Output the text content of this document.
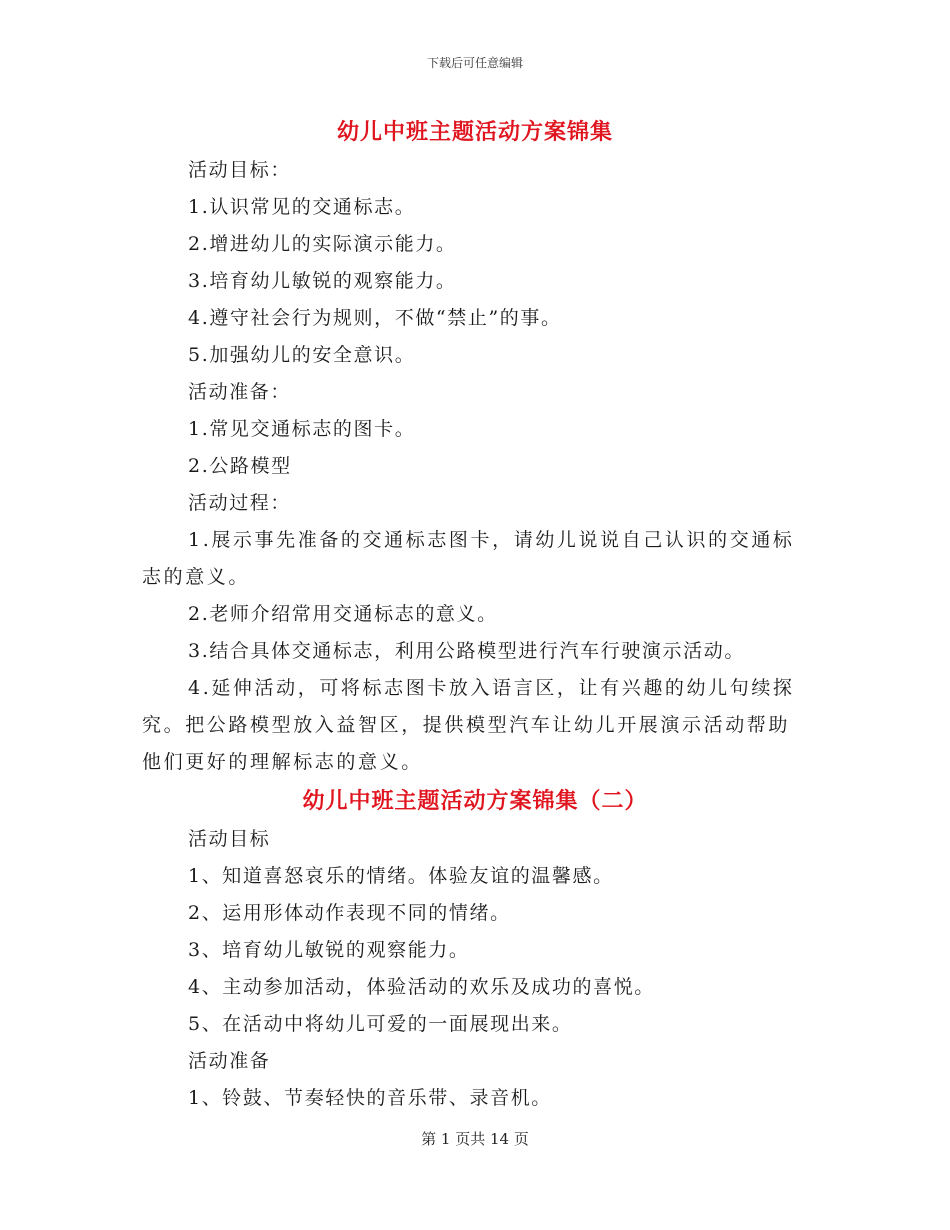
下载后可任意编辑
幼儿中班主题活动方案锦集

活动目标：

1.认识常见的交通标志。

2.增进幼儿的实际演示能力。

3.培育幼儿敏锐的观察能力。

4.遵守社会行为规则，不做“禁止”的事。

5.加强幼儿的安全意识。

活动准备：

1.常见交通标志的图卡。

2.公路模型

活动过程：

1.展示事先准备的交通标志图卡，请幼儿说说自己认识的交通标志的意义。

2.老师介绍常用交通标志的意义。

3.结合具体交通标志，利用公路模型进行汽车行驶演示活动。

4.延伸活动，可将标志图卡放入语言区，让有兴趣的幼儿句续探究。把公路模型放入益智区，提供模型汽车让幼儿开展演示活动帮助他们更好的理解标志的意义。

幼儿中班主题活动方案锦集（二）

活动目标

1、知道喜怒哀乐的情绪。体验友谊的温馨感。

2、运用形体动作表现不同的情绪。

3、培育幼儿敏锐的观察能力。

4、主动参加活动，体验活动的欢乐及成功的喜悦。

5、在活动中将幼儿可爱的一面展现出来。

活动准备

1、铃鼓、节奏轻快的音乐带、录音机。

第 1 页共 14 页
